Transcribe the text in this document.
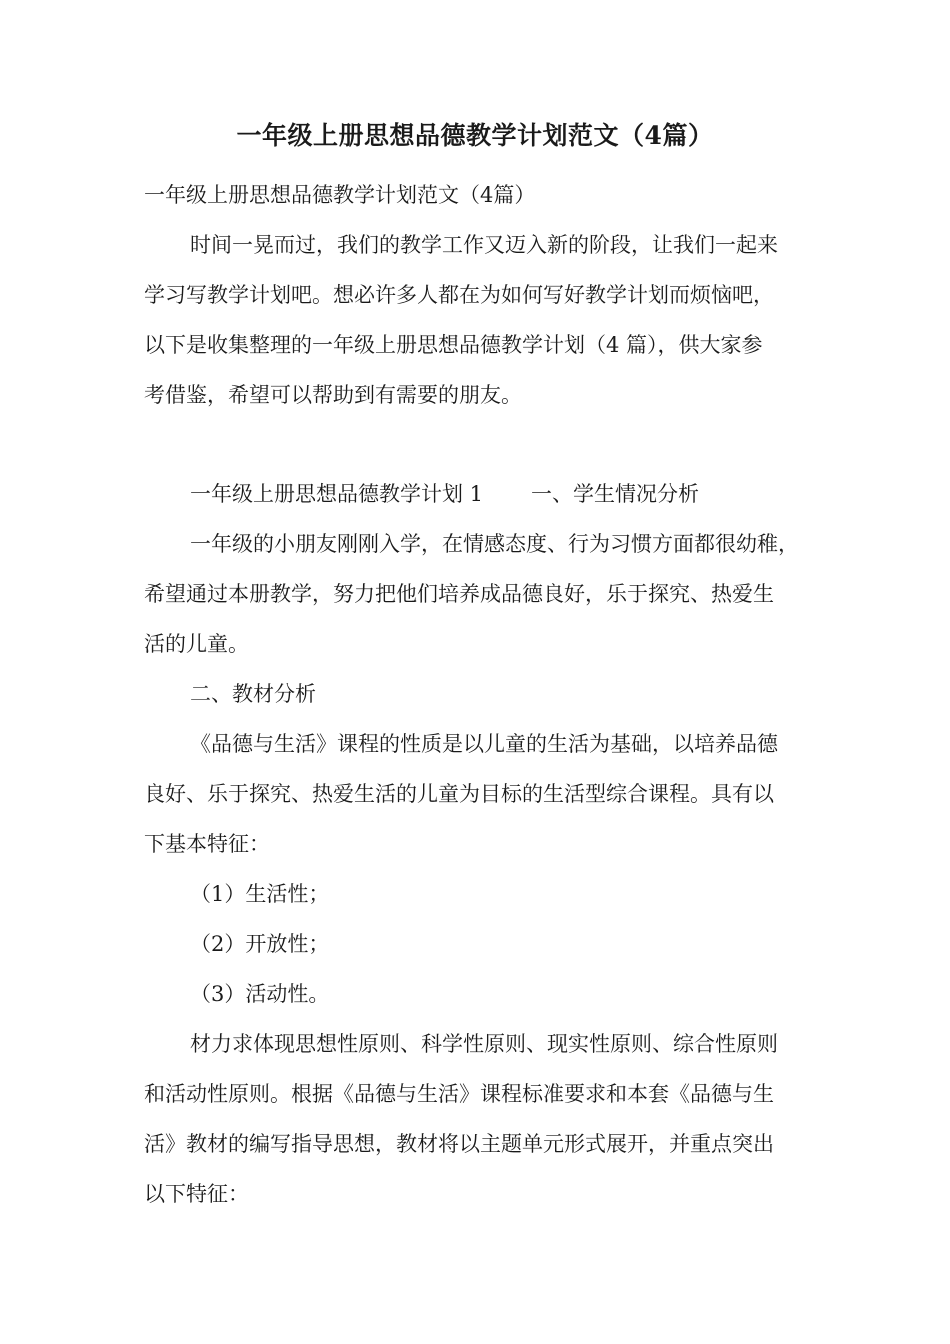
一年级上册思想品德教学计划范文（4篇）
一年级上册思想品德教学计划范文（4篇）
时间一晃而过，我们的教学工作又迈入新的阶段，让我们一起来
学习写教学计划吧。想必许多人都在为如何写好教学计划而烦恼吧，
以下是收集整理的一年级上册思想品德教学计划（4 篇），供大家参
考借鉴，希望可以帮助到有需要的朋友。
一年级上册思想品德教学计划 1 一、学生情况分析
一年级的小朋友刚刚入学，在情感态度、行为习惯方面都很幼稚，
希望通过本册教学，努力把他们培养成品德良好，乐于探究、热爱生
活的儿童。
二、教材分析
《品德与生活》课程的性质是以儿童的生活为基础，以培养品德
良好、乐于探究、热爱生活的儿童为目标的生活型综合课程。具有以
下基本特征：
（1）生活性；
（2）开放性；
（3）活动性。
材力求体现思想性原则、科学性原则、现实性原则、综合性原则
和活动性原则。根据《品德与生活》课程标准要求和本套《品德与生
活》教材的编写指导思想，教材将以主题单元形式展开，并重点突出
以下特征：
